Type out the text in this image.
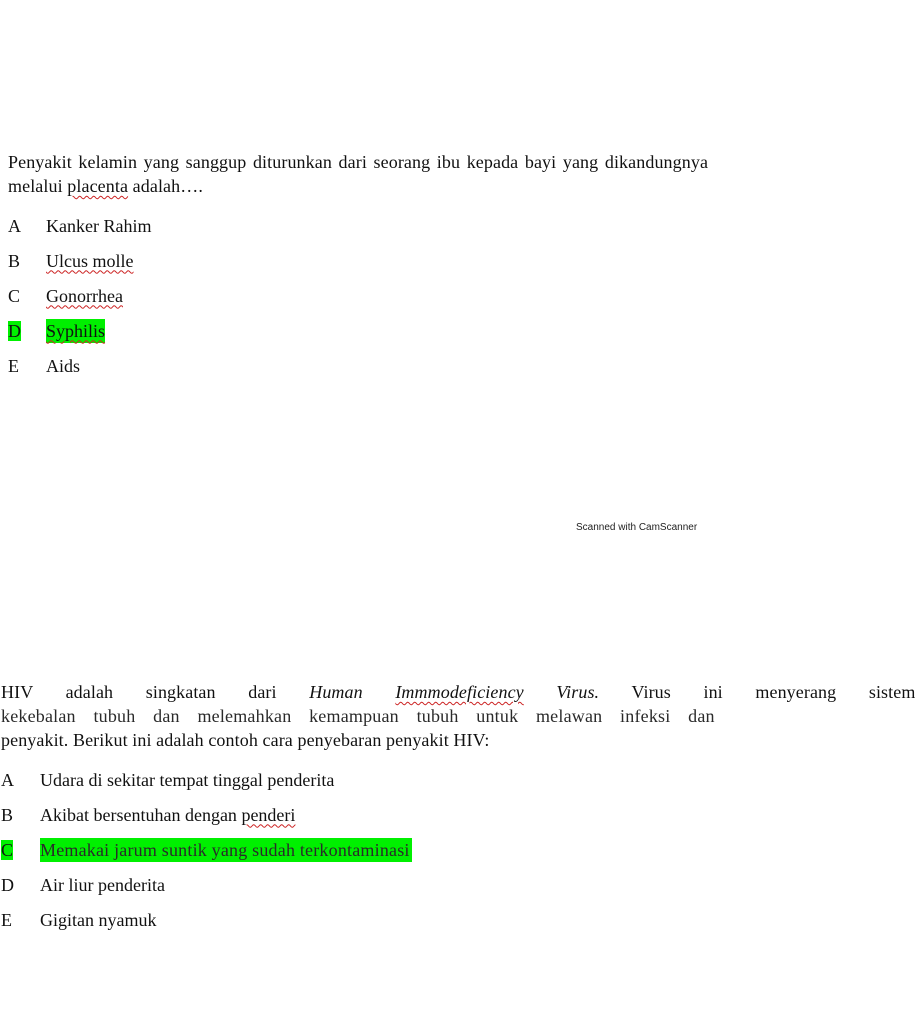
Penyakit kelamin yang sanggup diturunkan dari seorang ibu kepada bayi yang dikandungnya
melalui placenta adalah….

A	Kanker Rahim
B	Ulcus molle
C	Gonorrhea
D	Syphilis
E	Aids
Scanned with CamScanner

HIV adalah singkatan dari Human Immmodeficiency Virus. Virus ini menyerang sistem
kekebalan tubuh dan melemahkan kemampuan tubuh untuk melawan infeksi dan
penyakit. Berikut ini adalah contoh cara penyebaran penyakit HIV:

A	Udara di sekitar tempat tinggal penderita
B	Akibat bersentuhan dengan penderi
C	Memakai jarum suntik yang sudah terkontaminasi
D	Air liur penderita
E	Gigitan nyamuk
